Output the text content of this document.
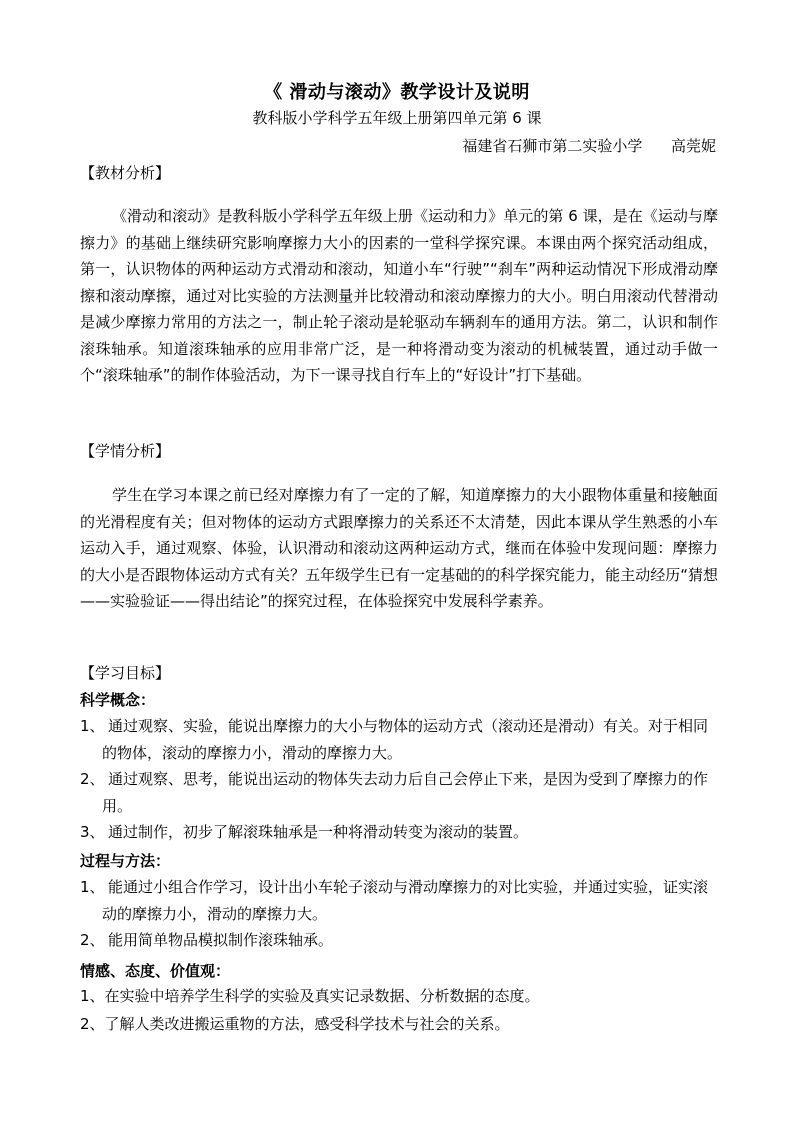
《 滑动与滚动》教学设计及说明
教科版小学科学五年级上册第四单元第 6 课
福建省石狮市第二实验小学      高莞妮
【教材分析】
《滑动和滚动》是教科版小学科学五年级上册《运动和力》单元的第 6 课，是在《运动与摩擦力》的基础上继续研究影响摩擦力大小的因素的一堂科学探究课。本课由两个探究活动组成，第一，认识物体的两种运动方式滑动和滚动，知道小车“行驶”“刹车”两种运动情况下形成滑动摩擦和滚动摩擦，通过对比实验的方法测量并比较滑动和滚动摩擦力的大小。明白用滚动代替滑动是减少摩擦力常用的方法之一，制止轮子滚动是轮驱动车辆刹车的通用方法。第二，认识和制作滚珠轴承。知道滚珠轴承的应用非常广泛，是一种将滑动变为滚动的机械装置，通过动手做一个“滚珠轴承”的制作体验活动，为下一课寻找自行车上的“好设计”打下基础。
【学情分析】
学生在学习本课之前已经对摩擦力有了一定的了解，知道摩擦力的大小跟物体重量和接触面的光滑程度有关；但对物体的运动方式跟摩擦力的关系还不太清楚，因此本课从学生熟悉的小车运动入手，通过观察、体验，认识滑动和滚动这两种运动方式，继而在体验中发现问题：摩擦力的大小是否跟物体运动方式有关？五年级学生已有一定基础的的科学探究能力，能主动经历“猜想——实验验证——得出结论”的探究过程，在体验探究中发展科学素养。
【学习目标】
科学概念：
1、 通过观察、实验，能说出摩擦力的大小与物体的运动方式（滚动还是滑动）有关。对于相同的物体，滚动的摩擦力小，滑动的摩擦力大。
2、 通过观察、思考，能说出运动的物体失去动力后自己会停止下来，是因为受到了摩擦力的作用。
3、 通过制作，初步了解滚珠轴承是一种将滑动转变为滚动的装置。
过程与方法：
1、 能通过小组合作学习，设计出小车轮子滚动与滑动摩擦力的对比实验，并通过实验，证实滚动的摩擦力小，滑动的摩擦力大。
2、 能用简单物品模拟制作滚珠轴承。
情感、态度、价值观：
1、在实验中培养学生科学的实验及真实记录数据、分析数据的态度。
2、了解人类改进搬运重物的方法，感受科学技术与社会的关系。
